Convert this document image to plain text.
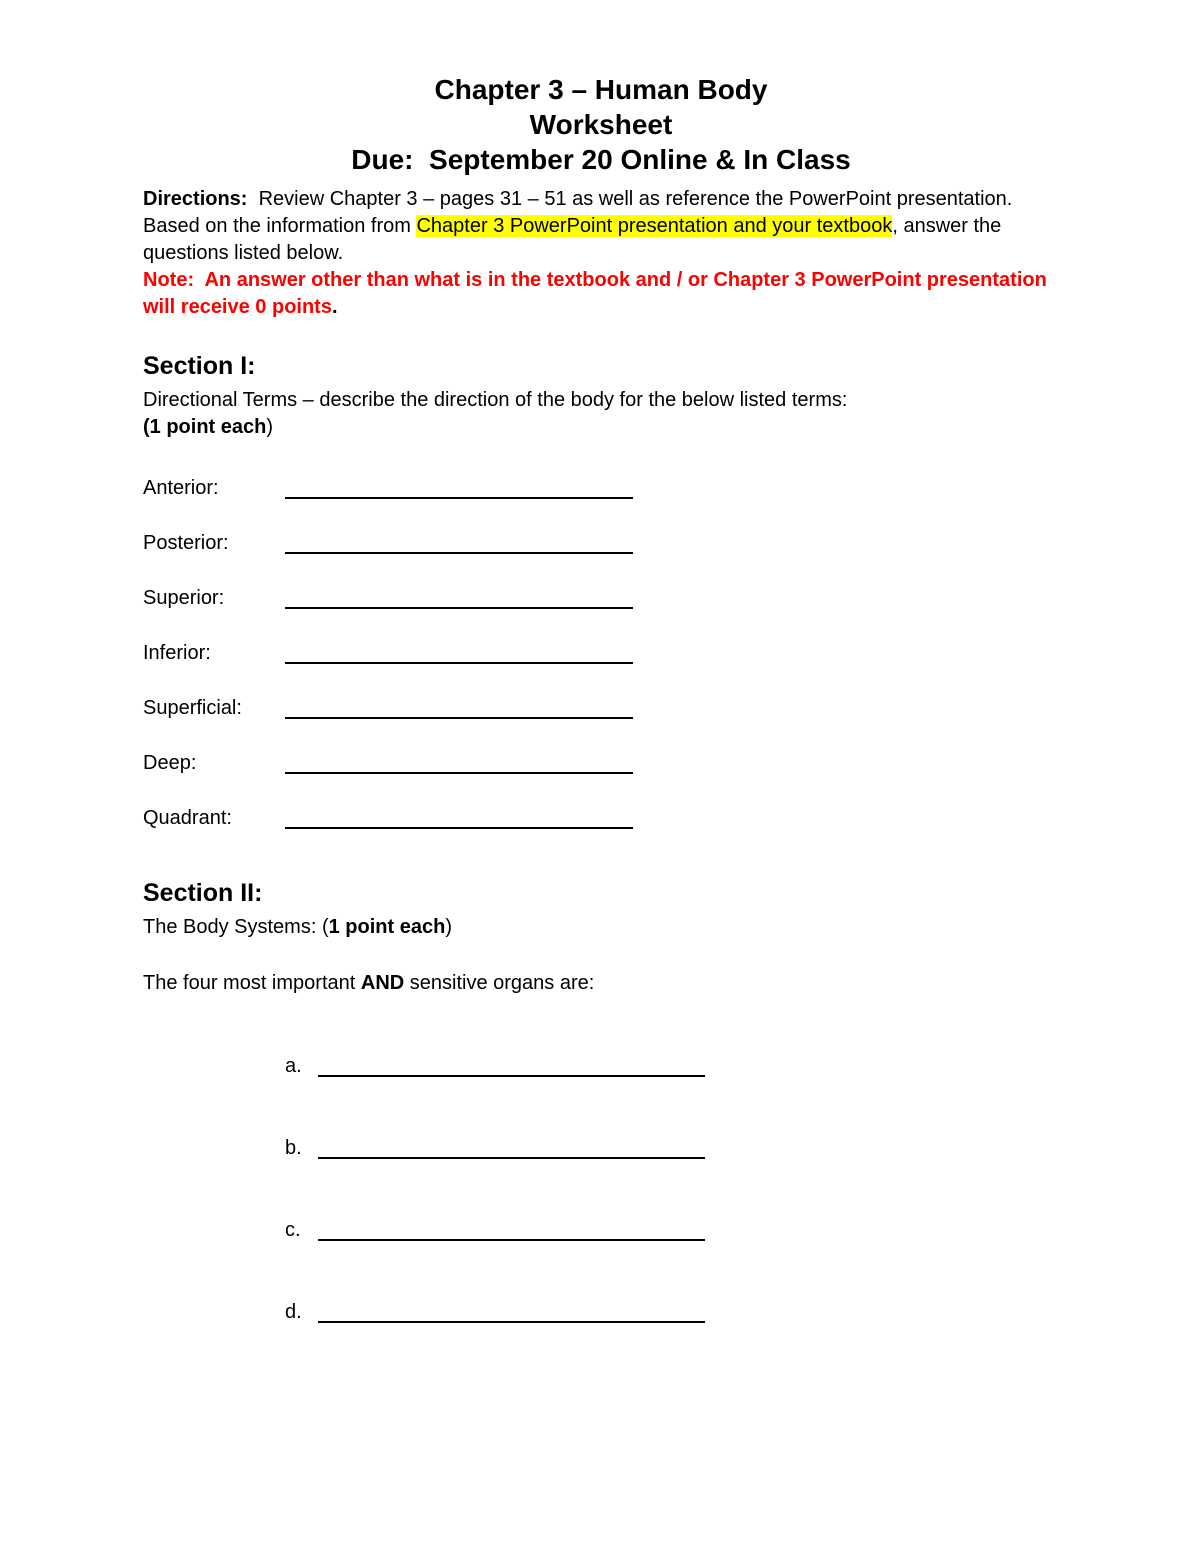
Chapter 3 – Human Body
Worksheet
Due:  September 20 Online & In Class

Directions:  Review Chapter 3 – pages 31 – 51 as well as reference the PowerPoint presentation.  Based on the information from Chapter 3 PowerPoint presentation and your textbook, answer the questions listed below.

Note:  An answer other than what is in the textbook and / or Chapter 3 PowerPoint presentation will receive 0 points.

Section I:
Directional Terms – describe the direction of the body for the below listed terms:
(1 point each)
Anterior:
Posterior:
Superior:
Inferior:
Superficial:
Deep:
Quadrant:
Section II:
The Body Systems: (1 point each)
The four most important AND sensitive organs are:
a.
b.
c.
d.
